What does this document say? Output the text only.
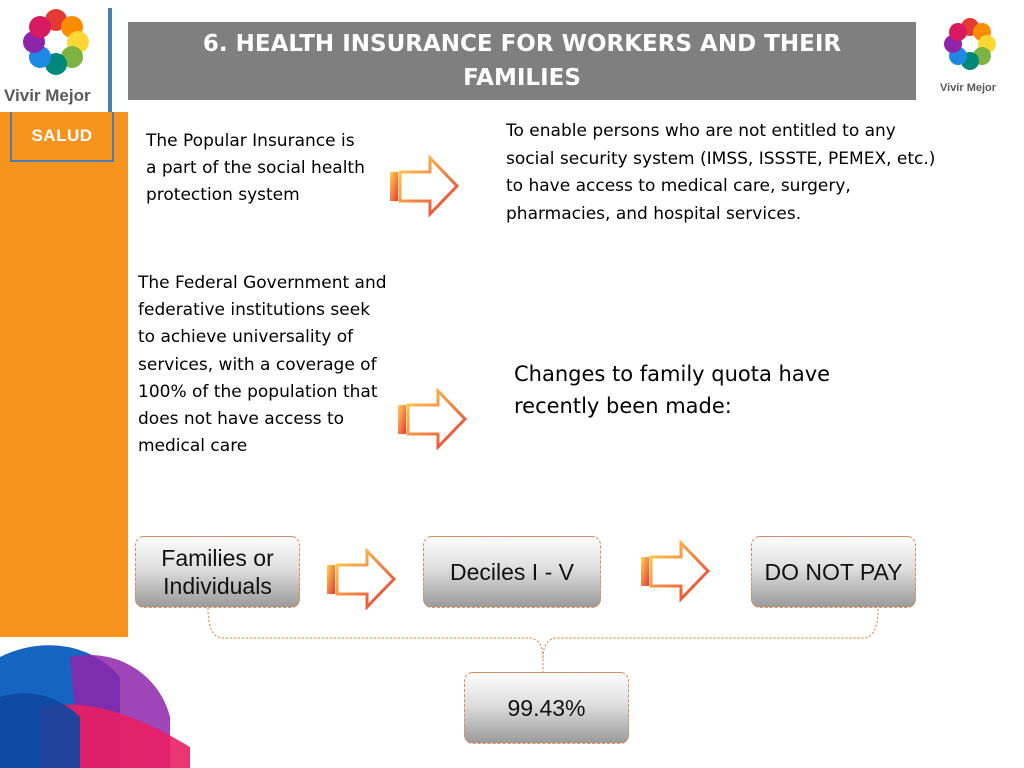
Vivir Mejor
SALUD
Vivir Mejor
6. HEALTH INSURANCE FOR WORKERS AND THEIR FAMILIES
The Popular Insurance is a part of the social health protection system
To enable persons who are not entitled to any social security system (IMSS, ISSSTE, PEMEX, etc.) to have access to medical care, surgery, pharmacies, and hospital services.
The Federal Government and federative institutions seek to achieve universality of services, with a coverage of 100% of the population that does not have access to medical care
Changes to family quota have recently been made:
Families or Individuals
Deciles I - V	DO NOT PAY
99.43%
